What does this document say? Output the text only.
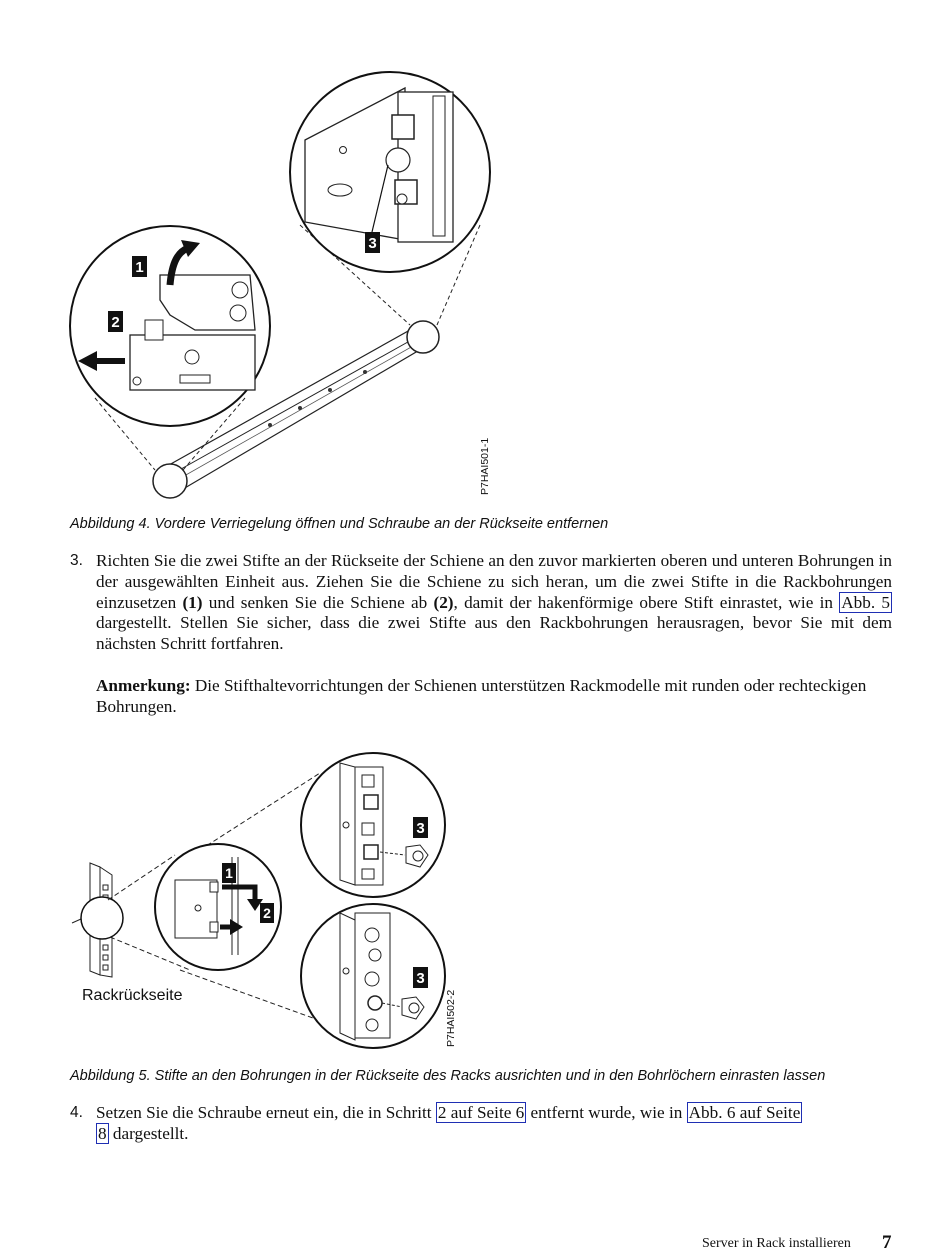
1
2
3
P7HAI501-1
Abbildung 4. Vordere Verriegelung öffnen und Schraube an der Rückseite entfernen
3. Richten Sie die zwei Stifte an der Rückseite der Schiene an den zuvor markierten oberen und unteren Bohrungen in der ausgewählten Einheit aus. Ziehen Sie die Schiene zu sich heran, um die zwei Stifte in die Rackbohrungen einzusetzen (1) und senken Sie die Schiene ab (2), damit der hakenförmige obere Stift einrastet, wie in Abb. 5 dargestellt. Stellen Sie sicher, dass die zwei Stifte aus den Rackbohrungen herausragen, bevor Sie mit dem nächsten Schritt fortfahren.
Anmerkung: Die Stifthaltevorrichtungen der Schienen unterstützen Rackmodelle mit runden oder rechteckigen Bohrungen.
Rackrückseite
1
2
3
3
P7HAI502-2
Abbildung 5. Stifte an den Bohrungen in der Rückseite des Racks ausrichten und in den Bohrlöchern einrasten lassen
4. Setzen Sie die Schraube erneut ein, die in Schritt 2 auf Seite 6 entfernt wurde, wie in Abb. 6 auf Seite
8 dargestellt.
Server in Rack installieren 7
